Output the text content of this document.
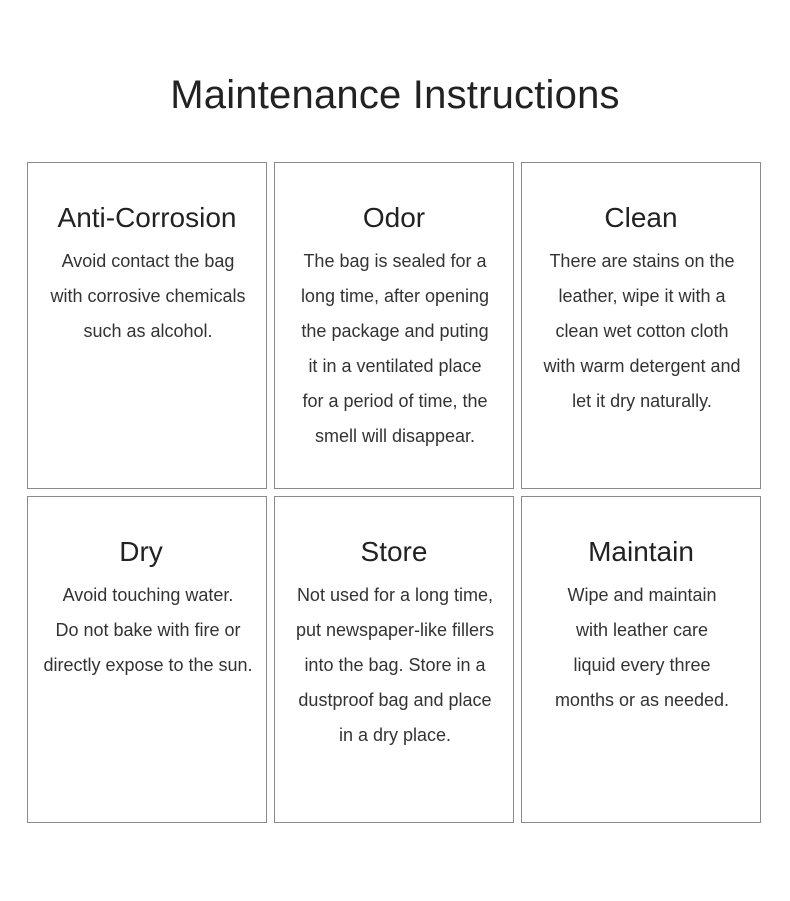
Maintenance Instructions
Anti-Corrosion

Avoid contact the bag
with corrosive chemicals
such as alcohol.

Odor

The bag is sealed for a
long time, after opening
the package and puting
it in a ventilated place
for a period of time, the
smell will disappear.

Clean

There are stains on the
leather, wipe it with a
clean wet cotton cloth
with warm detergent and
let it dry naturally.

Dry

Avoid touching water.
Do not bake with fire or
directly expose to the sun.

Store

Not used for a long time,
put newspaper-like fillers
into the bag. Store in a
dustproof bag and place
in a dry place.

Maintain

Wipe and maintain
with leather care
liquid every three
months or as needed.
